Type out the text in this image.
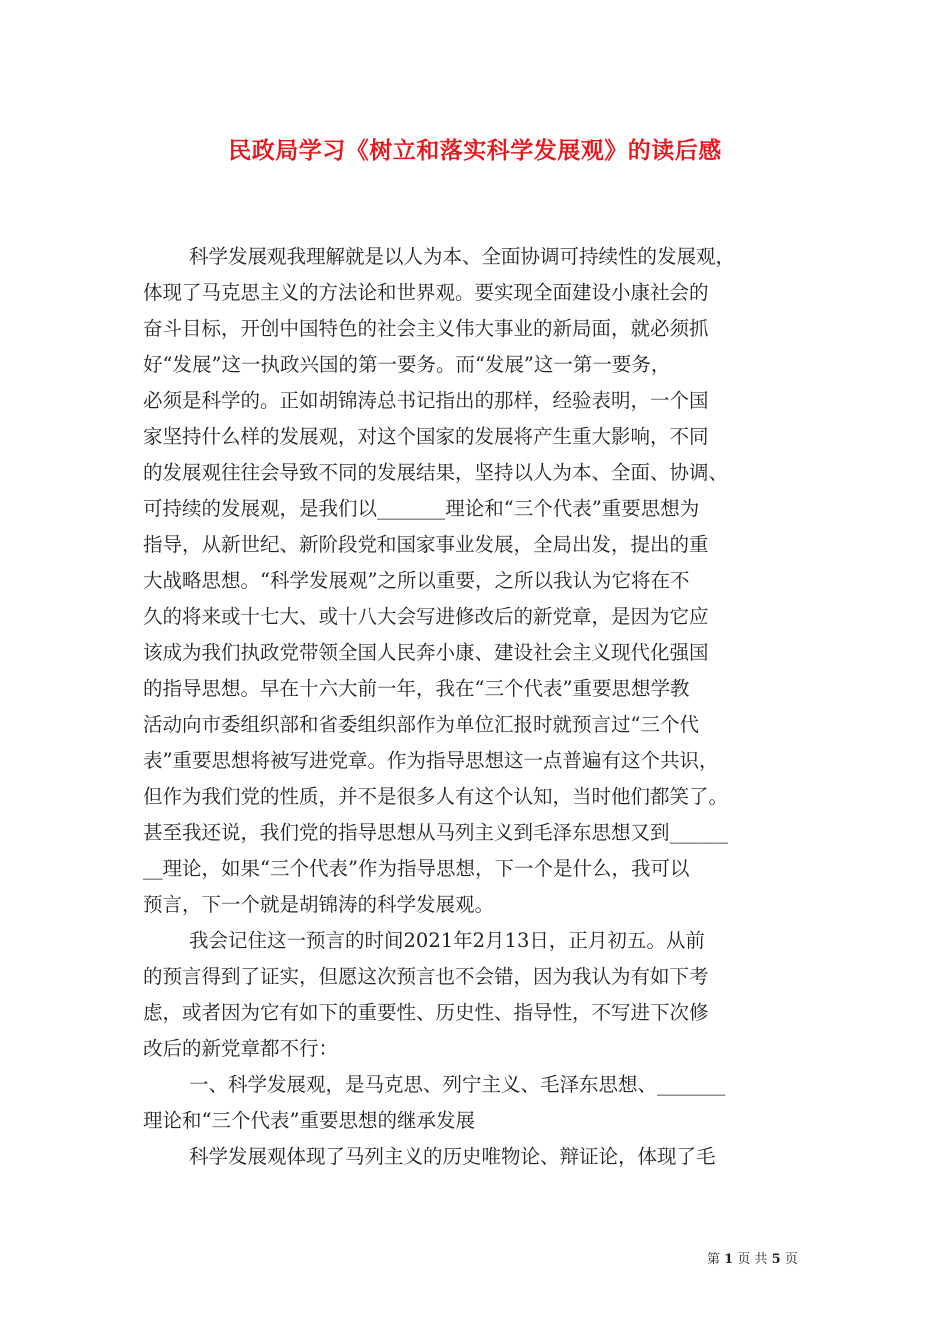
民政局学习《树立和落实科学发展观》的读后感
科学发展观我理解就是以人为本、全面协调可持续性的发展观，
体现了马克思主义的方法论和世界观。要实现全面建设小康社会的
奋斗目标，开创中国特色的社会主义伟大事业的新局面，就必须抓
好“发展”这一执政兴国的第一要务。而“发展”这一第一要务，
必须是科学的。正如胡锦涛总书记指出的那样，经验表明，一个国
家坚持什么样的发展观，对这个国家的发展将产生重大影响，不同
的发展观往往会导致不同的发展结果，坚持以人为本、全面、协调、
可持续的发展观，是我们以_______理论和“三个代表”重要思想为
指导，从新世纪、新阶段党和国家事业发展，全局出发，提出的重
大战略思想。“科学发展观”之所以重要，之所以我认为它将在不
久的将来或十七大、或十八大会写进修改后的新党章，是因为它应
该成为我们执政党带领全国人民奔小康、建设社会主义现代化强国
的指导思想。早在十六大前一年，我在“三个代表”重要思想学教
活动向市委组织部和省委组织部作为单位汇报时就预言过“三个代
表”重要思想将被写进党章。作为指导思想这一点普遍有这个共识，
但作为我们党的性质，并不是很多人有这个认知，当时他们都笑了。
甚至我还说，我们党的指导思想从马列主义到毛泽东思想又到______
__理论，如果“三个代表”作为指导思想，下一个是什么，我可以
预言，下一个就是胡锦涛的科学发展观。
我会记住这一预言的时间2021年2月13日，正月初五。从前
的预言得到了证实，但愿这次预言也不会错，因为我认为有如下考
虑，或者因为它有如下的重要性、历史性、指导性，不写进下次修
改后的新党章都不行：
一、科学发展观，是马克思、列宁主义、毛泽东思想、_______
理论和“三个代表”重要思想的继承发展
科学发展观体现了马列主义的历史唯物论、辩证论，体现了毛
第 1 页 共 5 页
